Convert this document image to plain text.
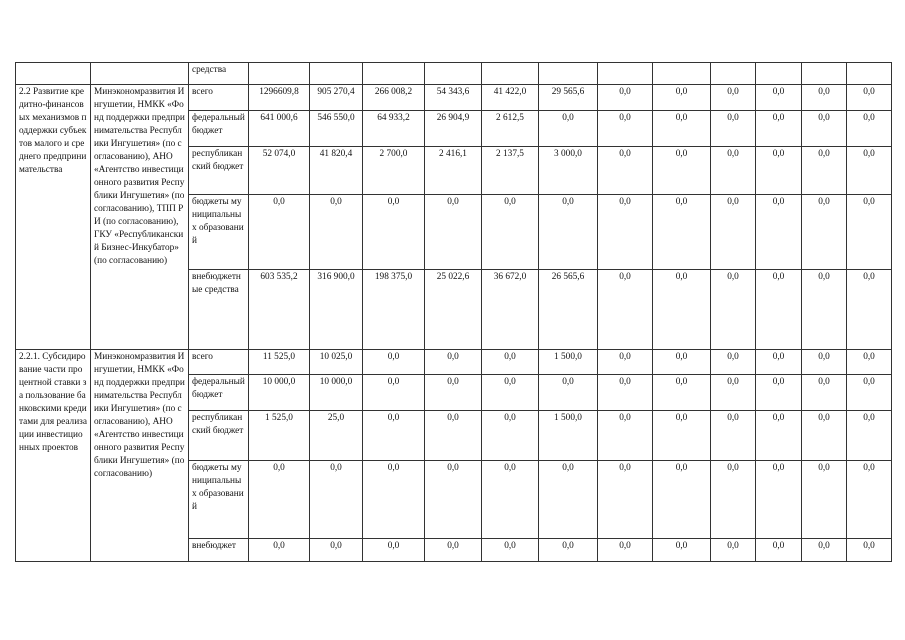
		средства												
2.2 Развитие кредитно-финансовых механизмов поддержки субъектов малого и среднего предпринимательства	Минэкономразвития Ингушетии, НМКК «Фонд поддержки предпринимательства Республики Ингушетия» (по согласованию), АНО «Агентство инвестиционного развития Республики Ингушетия» (по согласованию), ТПП РИ (по согласованию), ГКУ «Республиканский Бизнес-Инкубатор» (по согласованию)	всего	1296609,8	905 270,4	266 008,2	54 343,6	41 422,0	29 565,6	0,0	0,0	0,0	0,0	0,0	0,0
		федеральный бюджет	641 000,6	546 550,0	64 933,2	26 904,9	2 612,5	0,0	0,0	0,0	0,0	0,0	0,0	0,0
		республиканский бюджет	52 074,0	41 820,4	2 700,0	2 416,1	2 137,5	3 000,0	0,0	0,0	0,0	0,0	0,0	0,0
		бюджеты муниципальных образований	0,0	0,0	0,0	0,0	0,0	0,0	0,0	0,0	0,0	0,0	0,0	0,0
		внебюджетные средства	603 535,2	316 900,0	198 375,0	25 022,6	36 672,0	26 565,6	0,0	0,0	0,0	0,0	0,0	0,0
2.2.1. Субсидирование части процентной ставки за пользование банковскими кредитами для реализации инвестиционных проектов	Минэкономразвития Ингушетии, НМКК «Фонд поддержки предпринимательства Республики Ингушетия» (по согласованию), АНО «Агентство инвестиционного развития Республики Ингушетия» (по согласованию)	всего	11 525,0	10 025,0	0,0	0,0	0,0	1 500,0	0,0	0,0	0,0	0,0	0,0	0,0
		федеральный бюджет	10 000,0	10 000,0	0,0	0,0	0,0	0,0	0,0	0,0	0,0	0,0	0,0	0,0
		республиканский бюджет	1 525,0	25,0	0,0	0,0	0,0	1 500,0	0,0	0,0	0,0	0,0	0,0	0,0
		бюджеты муниципальных образований	0,0	0,0	0,0	0,0	0,0	0,0	0,0	0,0	0,0	0,0	0,0	0,0
		внебюджет	0,0	0,0	0,0	0,0	0,0	0,0	0,0	0,0	0,0	0,0	0,0	0,0
